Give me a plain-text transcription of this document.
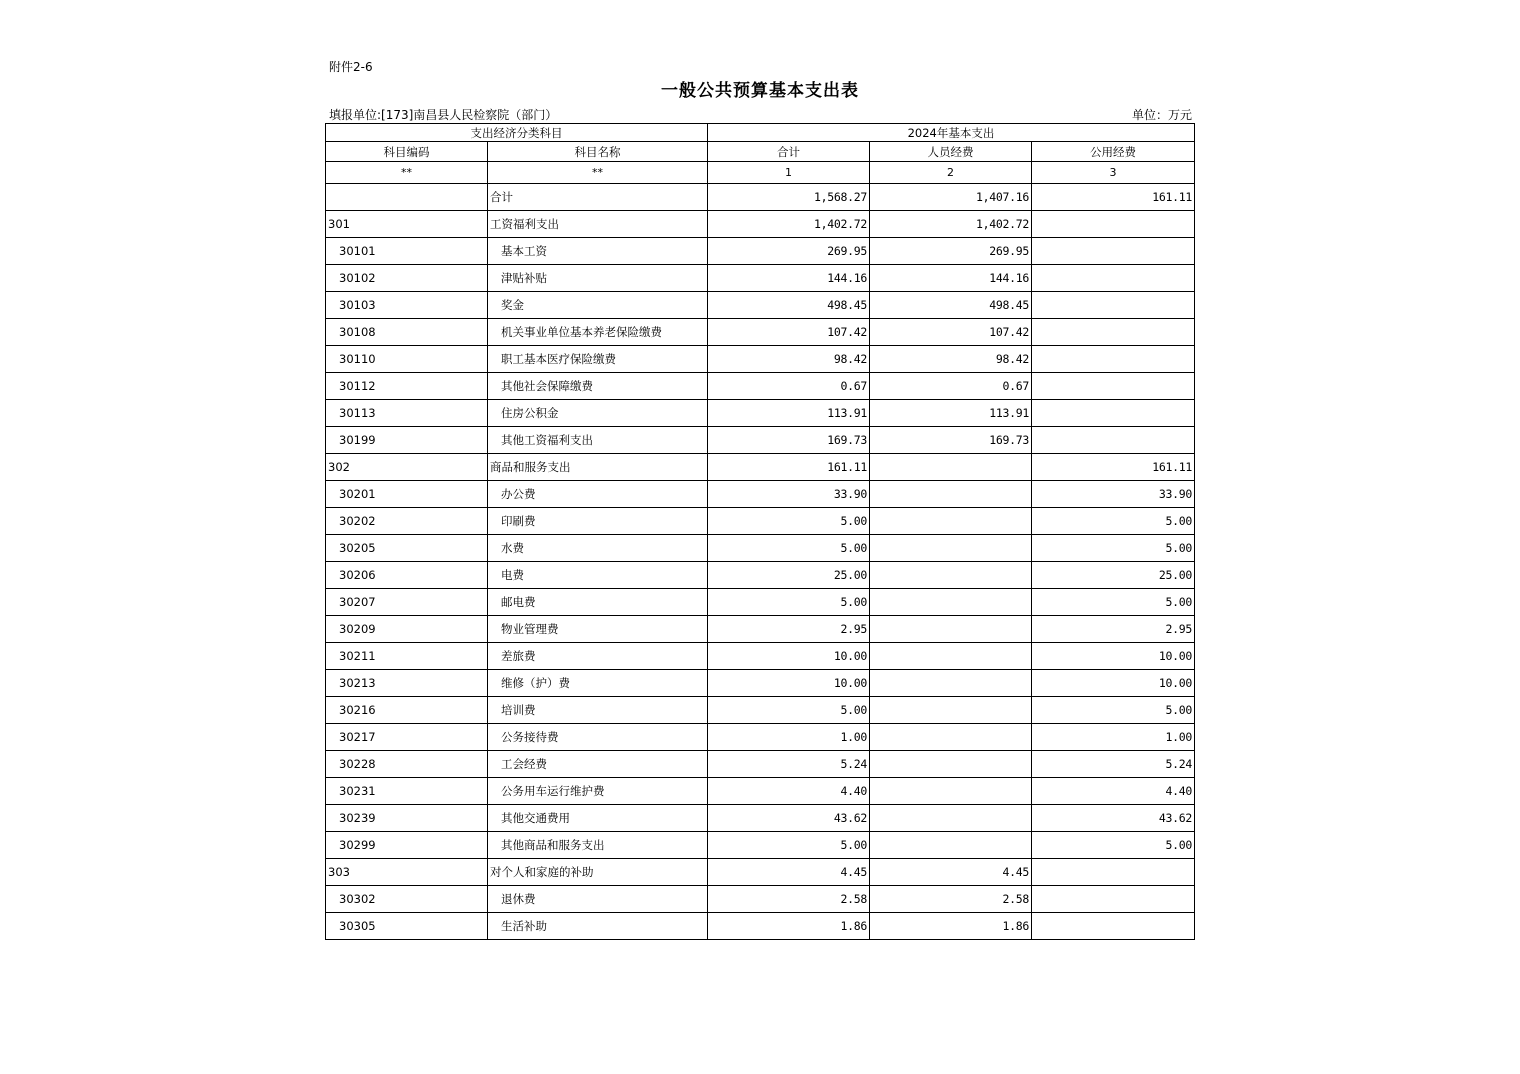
附件2-6
一般公共预算基本支出表
填报单位:[173]南昌县人民检察院（部门）	单位：万元
支出经济分类科目		2024年基本支出		
科目编码	科目名称	合计	人员经费	公用经费
**	**	1	2	3
	合计	1,568.27	1,407.16	161.11
301	工资福利支出	1,402.72	1,402.72	
30101	基本工资	269.95	269.95	
30102	津贴补贴	144.16	144.16	
30103	奖金	498.45	498.45	
30108	机关事业单位基本养老保险缴费	107.42	107.42	
30110	职工基本医疗保险缴费	98.42	98.42	
30112	其他社会保障缴费	0.67	0.67	
30113	住房公积金	113.91	113.91	
30199	其他工资福利支出	169.73	169.73	
302	商品和服务支出	161.11		161.11
30201	办公费	33.90		33.90
30202	印刷费	5.00		5.00
30205	水费	5.00		5.00
30206	电费	25.00		25.00
30207	邮电费	5.00		5.00
30209	物业管理费	2.95		2.95
30211	差旅费	10.00		10.00
30213	维修（护）费	10.00		10.00
30216	培训费	5.00		5.00
30217	公务接待费	1.00		1.00
30228	工会经费	5.24		5.24
30231	公务用车运行维护费	4.40		4.40
30239	其他交通费用	43.62		43.62
30299	其他商品和服务支出	5.00		5.00
303	对个人和家庭的补助	4.45	4.45	
30302	退休费	2.58	2.58	
30305	生活补助	1.86	1.86	
